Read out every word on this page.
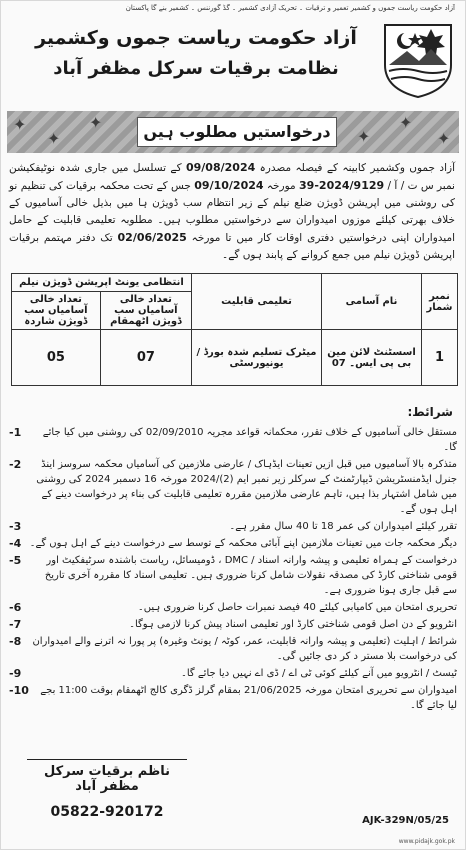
آزاد حکومت ریاست جموں و کشمیر تعمیر و ترقیات ۔ تحریک آزادی کشمیر ۔ گڈ گورننس ۔ کشمیر بنے گا پاکستان
آزاد حکومت ریاست جموں وکشمیر
نظامت برقیات سرکل مظفر آباد
✦
✦
✦
✦
✦
✦
درخواستیں مطلوب ہیں
آزاد جموں وکشمیر کابینہ کے فیصلہ مصدرہ 09/08/2024 کے تسلسل میں جاری شدہ نوٹیفکیشن نمبر س ت / آ / 2024/9129-39 مورخہ 09/10/2024 جس کے تحت محکمہ برقیات کی تنظیم نو کی روشنی میں اپریشن ڈویژن ضلع نیلم کے زیر انتظام سب ڈویژن ہا میں بذیل خالی آسامیوں کے خلاف بھرتی کیلئے موزوں امیدواران سے درخواستیں مطلوب ہیں۔ مطلوبہ تعلیمی قابلیت کے حامل امیدواران اپنی درخواستیں دفتری اوقات کار میں تا مورخہ 02/06/2025 تک دفتر مہتمم برقیات اپریشن ڈویژن نیلم میں جمع کروانے کے پابند ہوں گے۔
نمبر شمار	نام آسامی	تعلیمی قابلیت	انتظامی یونٹ اپریشن ڈویژن نیلم	
			تعداد خالی آسامیاں سب ڈویژن اٹھمقام	تعداد خالی آسامیاں سب ڈویژن شاردہ
1	اسسٹنٹ لائن مین بی پی ایس۔ 07	میٹرک تسلیم شدہ بورڈ / یونیورسٹی	07	05
شرائط:
-1	مستقل خالی آسامیوں کے خلاف تقرر، محکمانہ قواعد مجریہ 02/09/2010 کی روشنی میں کیا جائے گا۔
-2	متذکرہ بالا آسامیوں میں قبل ازیں تعینات ایڈہاک / عارضی ملازمین کی آسامیاں محکمہ سروسز اینڈ جنرل ایڈمنسٹریشن ڈیپارٹمنٹ کے سرکلر زیر نمبر ایم (2)/2024 مورخہ 16 دسمبر 2024 کی روشنی میں شامل اشتہار بذا ہیں، تاہم عارضی ملازمین مقررہ تعلیمی قابلیت کی بناء پر درخواست دینے کے اہل ہوں گے۔
-3	تقرر کیلئے امیدواران کی عمر 18 تا 40 سال مقرر ہے۔
-4 دیگر محکمہ جات میں تعینات ملازمین اپنے آبائی محکمہ کے توسط سے درخواست دینے کے اہل ہوں گے۔
-5	درخواست کے ہمراہ تعلیمی و پیشہ وارانہ اسناد / DMC ، ڈومیسائل، ریاست باشندہ سرٹیفکیٹ اور قومی شناختی کارڈ کی مصدقہ نقولات شامل کرنا ضروری ہیں۔ تعلیمی اسناد کا مقررہ آخری تاریخ سے قبل جاری ہونا ضروری ہے۔
-6	تحریری امتحان میں کامیابی کیلئے 40 فیصد نمبرات حاصل کرنا ضروری ہیں۔
-7	انٹرویو کے دن اصل قومی شناختی کارڈ اور تعلیمی اسناد پیش کرنا لازمی ہوگا۔
-8	شرائط / اہلیت (تعلیمی و پیشہ وارانہ قابلیت، عمر، کوٹہ / یونٹ وغیرہ) پر پورا نہ اترنے والے امیدواران کی درخواست بلا مستر د کر دی جائیں گی۔
-9	ٹیسٹ / انٹرویو میں آنے کیلئے کوئی ٹی اے / ڈی اے نہیں دیا جائے گا۔
-10	امیدواران سے تحریری امتحان مورخہ 21/06/2025 بمقام گرلز ڈگری کالج اٹھمقام بوقت 11:00 بجے لیا جائے گا۔
ناظم برقیات سرکل مظفر آباد
05822-920172
AJK-329N/05/25
www.pidajk.gok.pk
